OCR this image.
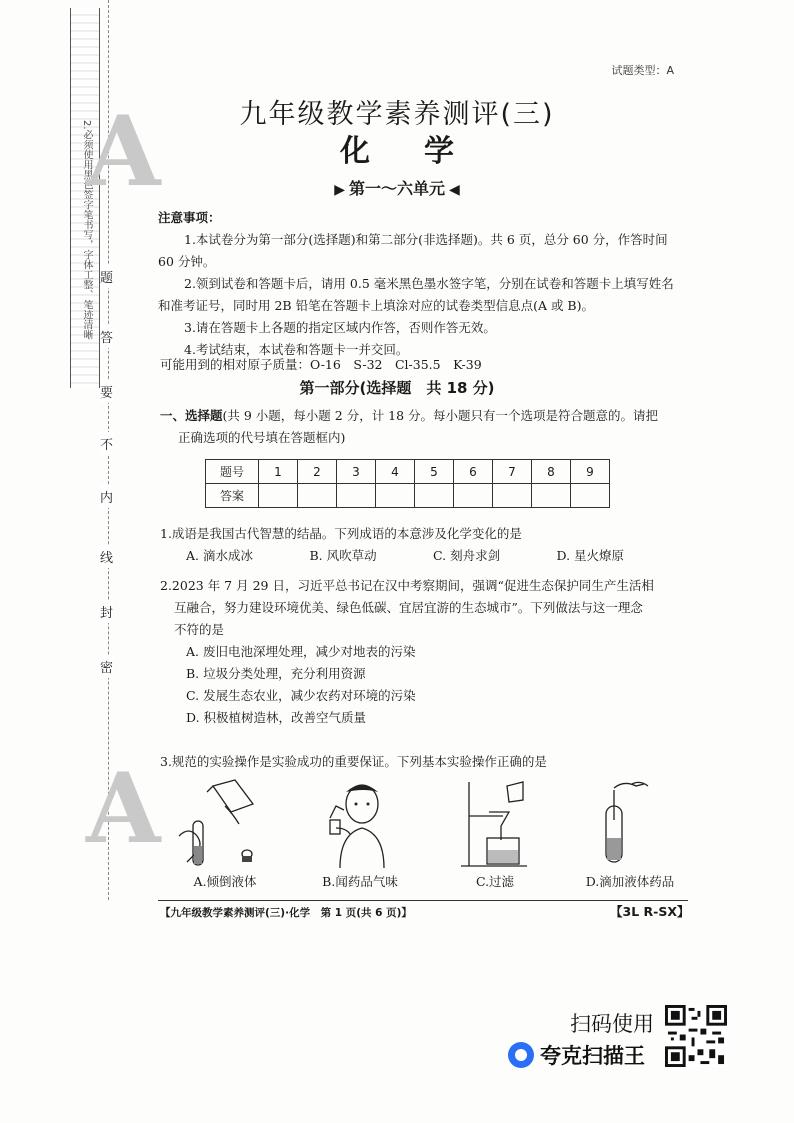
2.必须使用黑色签字笔书写，字体工整、笔迹清晰 题
答
要
不
内
线
封
密
A
A
试题类型：A
九年级教学素养测评(三)
化学
▶ 第一～六单元 ◀

注意事项：

1.本试卷分为第一部分(选择题)和第二部分(非选择题)。共 6 页，总分 60 分，作答时间 60 分钟。

2.领到试卷和答题卡后，请用 0.5 毫米黑色墨水签字笔，分别在试卷和答题卡上填写姓名和准考证号，同时用 2B 铅笔在答题卡上填涂对应的试卷类型信息点(A 或 B)。

3.请在答题卡上各题的指定区域内作答，否则作答无效。

4.考试结束，本试卷和答题卡一并交回。

可能用到的相对原子质量：O-16　S-32　Cl-35.5　K-39
第一部分(选择题　共 18 分)

一、选择题(共 9 小题，每小题 2 分，计 18 分。每小题只有一个选项是符合题意的。请把

正确选项的代号填在答题框内)

题号	1	2	3	4	5	6	7	8	9
答案									

1.成语是我国古代智慧的结晶。下列成语的本意涉及化学变化的是

A. 滴水成冰	B. 风吹草动	C. 刻舟求剑	D. 星火燎原

2.2023 年 7 月 29 日，习近平总书记在汉中考察期间，强调“促进生态保护同生产生活相

互融合，努力建设环境优美、绿色低碳、宜居宜游的生态城市”。下列做法与这一理念

不符的是

A. 废旧电池深埋处理，减少对地表的污染

B. 垃圾分类处理，充分利用资源

C. 发展生态农业，减少农药对环境的污染

D. 积极植树造林，改善空气质量

3.规范的实验操作是实验成功的重要保证。下列基本实验操作正确的是

A.倾倒液体	B.闻药品气味	C.过滤	D.滴加液体药品
【九年级教学素养测评(三)·化学　第 1 页(共 6 页)】	【3L R-SX】
扫码使用
夸克扫描王
